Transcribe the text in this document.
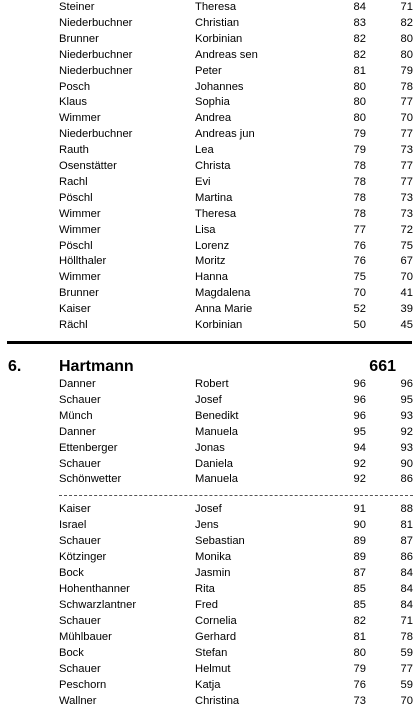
Steiner	Theresa	84	71
Niederbuchner	Christian	83	82
Brunner	Korbinian	82	80
Niederbuchner	Andreas sen	82	80
Niederbuchner	Peter	81	79
Posch	Johannes	80	78
Klaus	Sophia	80	77
Wimmer	Andrea	80	70
Niederbuchner	Andreas jun	79	77
Rauth	Lea	79	73
Osenstätter	Christa	78	77
Rachl	Evi	78	77
Pöschl	Martina	78	73
Wimmer	Theresa	78	73
Wimmer	Lisa	77	72
Pöschl	Lorenz	76	75
Höllthaler	Moritz	76	67
Wimmer	Hanna	75	70
Brunner	Magdalena	70	41
Kaiser	Anna Marie	52	39
Rächl	Korbinian	50	45
6. Hartmann	661
Danner	Robert	96	96
Schauer	Josef	96	95
Münch	Benedikt	96	93
Danner	Manuela	95	92
Ettenberger	Jonas	94	93
Schauer	Daniela	92	90
Schönwetter	Manuela	92	86
Kaiser	Josef	91	88
Israel	Jens	90	81
Schauer	Sebastian	89	87
Kötzinger	Monika	89	86
Bock	Jasmin	87	84
Hohenthanner	Rita	85	84
Schwarzlantner	Fred	85	84
Schauer	Cornelia	82	71
Mühlbauer	Gerhard	81	78
Bock	Stefan	80	59
Schauer	Helmut	79	77
Peschorn	Katja	76	59
Wallner	Christina	73	70
